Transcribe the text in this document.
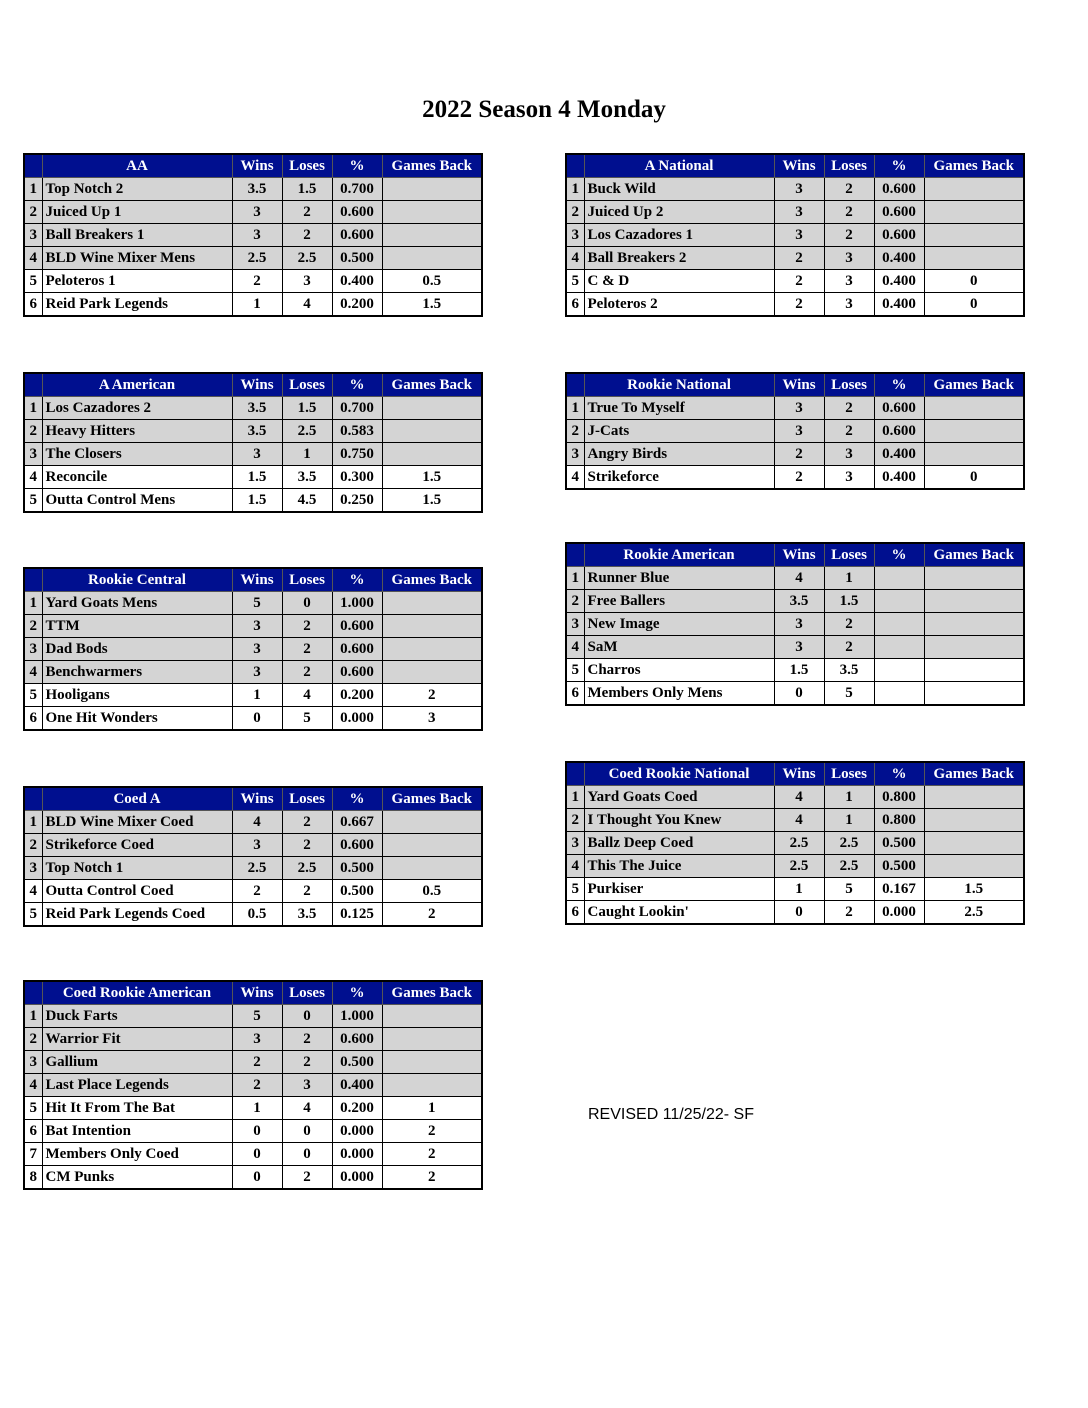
2022 Season 4 Monday
	AA	Wins	Loses	%	Games Back
1	Top Notch 2	3.5	1.5	0.700	
2	Juiced Up 1	3	2	0.600	
3	Ball Breakers 1	3	2	0.600	
4	BLD Wine Mixer Mens	2.5	2.5	0.500	
5	Peloteros 1	2	3	0.400	0.5
6	Reid Park Legends	1	4	0.200	1.5
	A National	Wins	Loses	%	Games Back
1	Buck Wild	3	2	0.600	
2	Juiced Up 2	3	2	0.600	
3	Los Cazadores 1	3	2	0.600	
4	Ball Breakers 2	2	3	0.400	
5	C & D	2	3	0.400	0
6	Peloteros 2	2	3	0.400	0
	A American	Wins	Loses	%	Games Back
1	Los Cazadores 2	3.5	1.5	0.700	
2	Heavy Hitters	3.5	2.5	0.583	
3	The Closers	3	1	0.750	
4	Reconcile	1.5	3.5	0.300	1.5
5	Outta Control Mens	1.5	4.5	0.250	1.5
	Rookie National	Wins	Loses	%	Games Back
1	True To Myself	3	2	0.600	
2	J-Cats	3	2	0.600	
3	Angry Birds	2	3	0.400	
4	Strikeforce	2	3	0.400	0
	Rookie American	Wins	Loses	%	Games Back
1	Runner Blue	4	1		
2	Free Ballers	3.5	1.5		
3	New Image	3	2		
4	SaM	3	2		
5	Charros	1.5	3.5		
6	Members Only Mens	0	5		
	Rookie Central	Wins	Loses	%	Games Back
1	Yard Goats Mens	5	0	1.000	
2	TTM	3	2	0.600	
3	Dad Bods	3	2	0.600	
4	Benchwarmers	3	2	0.600	
5	Hooligans	1	4	0.200	2
6	One Hit Wonders	0	5	0.000	3
	Coed Rookie National	Wins	Loses	%	Games Back
1	Yard Goats Coed	4	1	0.800	
2	I Thought You Knew	4	1	0.800	
3	Ballz Deep Coed	2.5	2.5	0.500	
4	This The Juice	2.5	2.5	0.500	
5	Purkiser	1	5	0.167	1.5
6	Caught Lookin'	0	2	0.000	2.5
	Coed A	Wins	Loses	%	Games Back
1	BLD Wine Mixer Coed	4	2	0.667	
2	Strikeforce Coed	3	2	0.600	
3	Top Notch 1	2.5	2.5	0.500	
4	Outta Control Coed	2	2	0.500	0.5
5	Reid Park Legends Coed	0.5	3.5	0.125	2
	Coed Rookie American	Wins	Loses	%	Games Back
1	Duck Farts	5	0	1.000	
2	Warrior Fit	3	2	0.600	
3	Gallium	2	2	0.500	
4	Last Place Legends	2	3	0.400	
5	Hit It From The Bat	1	4	0.200	1
6	Bat Intention	0	0	0.000	2
7	Members Only Coed	0	0	0.000	2
8	CM Punks	0	2	0.000	2
REVISED 11/25/22- SF
